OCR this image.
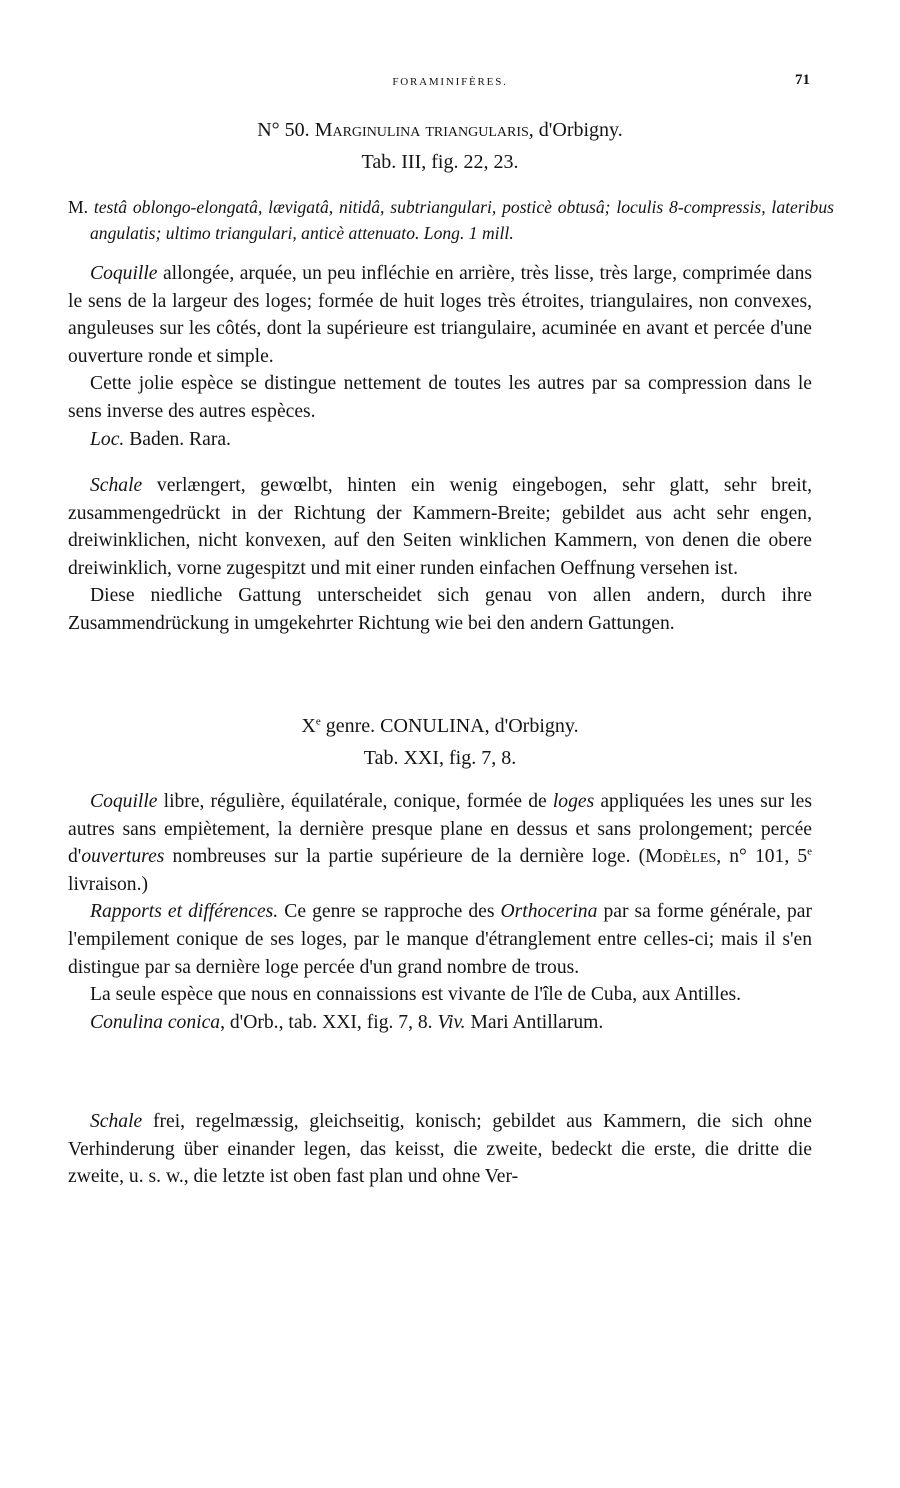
FORAMINIFÈRES.	71
N° 50. Marginulina triangularis, d'Orbigny.
Tab. III, fig. 22, 23.

M. testâ oblongo-elongatâ, lævigatâ, nitidâ, subtriangulari, posticè obtusâ; loculis 8-compressis, lateribus angulatis; ultimo triangulari, anticè attenuato. Long. 1 mill.

Coquille allongée, arquée, un peu infléchie en arrière, très lisse, très large, comprimée dans le sens de la largeur des loges; formée de huit loges très étroites, triangulaires, non convexes, anguleuses sur les côtés, dont la supérieure est triangulaire, acuminée en avant et percée d'une ouverture ronde et simple.

Cette jolie espèce se distingue nettement de toutes les autres par sa compression dans le sens inverse des autres espèces.

Loc. Baden. Rara.

Schale verlængert, gewœlbt, hinten ein wenig eingebogen, sehr glatt, sehr breit, zusammengedrückt in der Richtung der Kammern-Breite; gebildet aus acht sehr engen, dreiwinklichen, nicht konvexen, auf den Seiten winklichen Kammern, von denen die obere dreiwinklich, vorne zugespitzt und mit einer runden einfachen Oeffnung versehen ist.

Diese niedliche Gattung unterscheidet sich genau von allen andern, durch ihre Zusammendrückung in umgekehrter Richtung wie bei den andern Gattungen.

Xe genre. CONULINA, d'Orbigny.
Tab. XXI, fig. 7, 8.

Coquille libre, régulière, équilatérale, conique, formée de loges appliquées les unes sur les autres sans empiètement, la dernière presque plane en dessus et sans prolongement; percée d'ouvertures nombreuses sur la partie supérieure de la dernière loge. (Modèles, n° 101, 5e livraison.)

Rapports et différences. Ce genre se rapproche des Orthocerina par sa forme générale, par l'empilement conique de ses loges, par le manque d'étranglement entre celles-ci; mais il s'en distingue par sa dernière loge percée d'un grand nombre de trous.

La seule espèce que nous en connaissions est vivante de l'île de Cuba, aux Antilles.

Conulina conica, d'Orb., tab. XXI, fig. 7, 8. Viv. Mari Antillarum.

Schale frei, regelmæssig, gleichseitig, konisch; gebildet aus Kammern, die sich ohne Verhinderung über einander legen, das keisst, die zweite, bedeckt die erste, die dritte die zweite, u. s. w., die letzte ist oben fast plan und ohne Ver-
